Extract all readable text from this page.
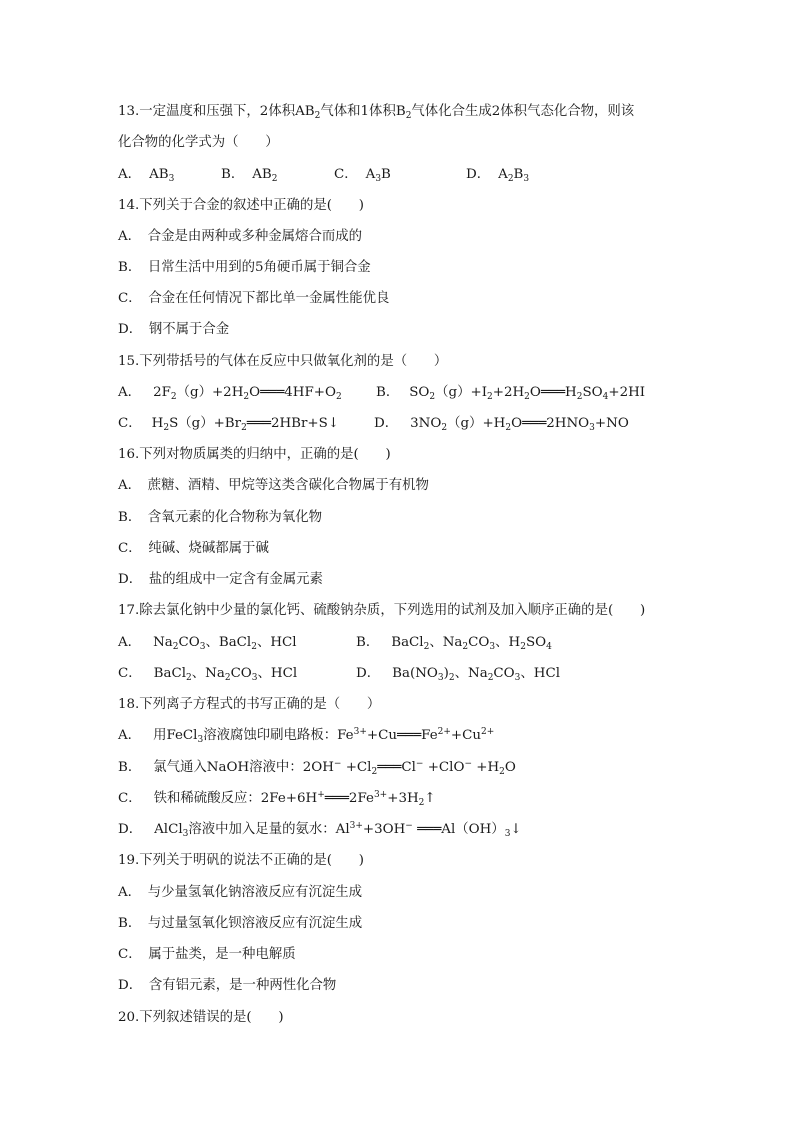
13.一定温度和压强下，2体积$AB_2$气体和1体积$B_2$气体化合生成2体积气态化合物，则该
化合物的化学式为（　　）
A． $AB_3$	B． $AB_2$	C． $A_3B$	D． $A_2B_3$
14.下列关于合金的叙述中正确的是(　　)
A．　合金是由两种或多种金属熔合而成的
B．　日常生活中用到的5角硬币属于铜合金
C．　合金在任何情况下都比单一金属性能优良
D．　钢不属于合金
15.下列带括号的气体在反应中只做氧化剂的是（　　）
A． $2F_2(g)+2H_2O═══4HF+O_2$	B． $SO_2(g)+I_2+2H_2O═══H_2SO_4+2HI$
C． $H_2S(g)+Br_2═══2HBr+S↓$	D． $3NO_2(g)+H_2O═══2HNO_3+NO$
16.下列对物质属类的归纳中，正确的是(　　)
A．　蔗糖、酒精、甲烷等这类含碳化合物属于有机物
B．　含氧元素的化合物称为氧化物
C．　纯碱、烧碱都属于碱
D．　盐的组成中一定含有金属元素
17.除去氯化钠中少量的氯化钙、硫酸钠杂质，下列选用的试剂及加入顺序正确的是(　　)
A． $Na_2CO_3$、BaCl$_2$、HCl	B． BaCl$_2$、$Na_2CO_3$、$H_2SO_4$
C． BaCl$_2$、$Na_2CO_3$、HCl	D． $Ba(NO_3)_2$、$Na_2CO_3$、HCl
18.下列离子方程式的书写正确的是（　　）
A． 用FeCl$_3$溶液腐蚀印刷电路板：$Fe^{3+}+Cu═══Fe^{2+}+Cu^{2+}$
B． 氯气通入NaOH溶液中：$2OH^- +Cl_2═══Cl^- +ClO^- +H_2O$
C． 铁和稀硫酸反应：$2Fe+6H^+═══2Fe^{3+}+3H_2↑$
D． AlCl$_3$溶液中加入足量的氨水：$Al^{3+}+3OH^-$ $═══Al(OH)_3↓$
19.下列关于明矾的说法不正确的是(　　)
A．　与少量氢氧化钠溶液反应有沉淀生成
B．　与过量氢氧化钡溶液反应有沉淀生成
C．　属于盐类，是一种电解质
D．　含有铝元素，是一种两性化合物
20.下列叙述错误的是(　　)
